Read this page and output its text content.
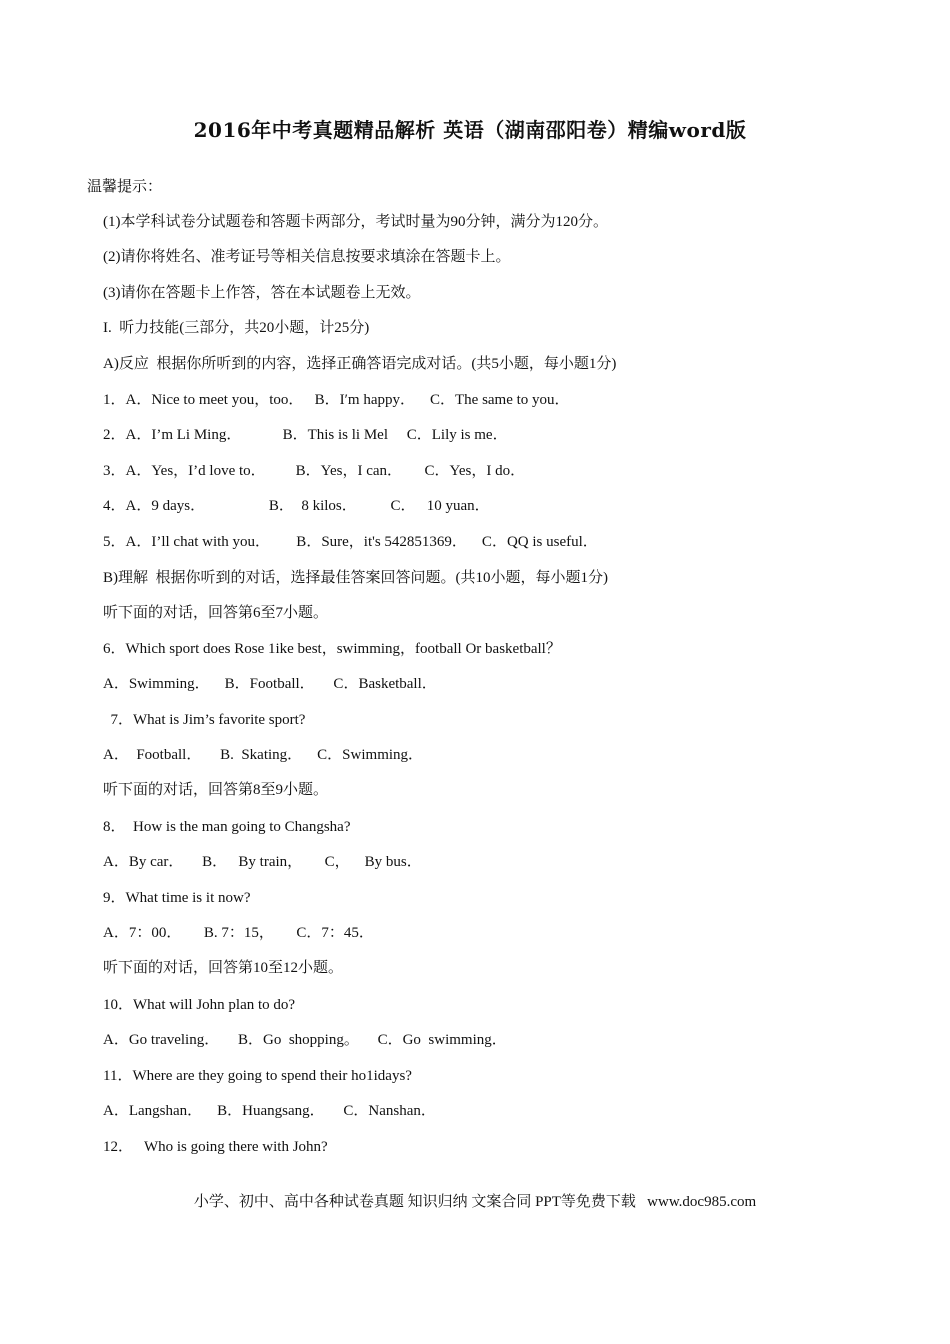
2016年中考真题精品解析 英语（湖南邵阳卷）精编word版
温馨提示：
(1)本学科试卷分试题卷和答题卡两部分，考试时量为90分钟，满分为120分。
(2)请你将姓名、准考证号等相关信息按要求填涂在答题卡上。
(3)请你在答题卡上作答，答在本试题卷上无效。
I.  听力技能(三部分，共20小题，计25分)
A)反应  根据你所听到的内容，选择正确答语完成对话。(共5小题，每小题1分)
1．A．Nice to meet you，too．   B．I′m happy．    C．The same to you．
2．A．I’m Li Ming．           B．This is li Mel     C．Lily is me．
3．A．Yes，I’d love to．        B．Yes，I can．      C．Yes，I do．
4．A．9 days．                 B．  8 kilos．         C．   10 yuan．
5．A．I’ll chat with you．       B．Sure，it's 542851369．    C．QQ is useful．
B)理解  根据你听到的对话，选择最佳答案回答问题。(共10小题，每小题1分)
听下面的对话，回答第6至7小题。
6．Which sport does Rose 1ike best，swimming，football Or basketball？
A．Swimming．    B．Football．     C．Basketball．
7．What is Jim’s favorite sport?
A．  Football．     B.  Skating．    C．Swimming．
听下面的对话，回答第8至9小题。
8．  How is the man going to Changsha?
A．By car．     B．   By train，      C，    By bus．
9．What time is it now?
A．7：00．      B. 7：15，      C．7：45．
听下面的对话，回答第10至12小题。
10．What will John plan to do?
A．Go traveling．     B．Go  shopping。     C．Go  swimming．
11．Where are they going to spend their ho1idays?
A．Langshan．    B．Huangsang．     C．Nanshan．
12．   Who is going there with John?
小学、初中、高中各种试卷真题 知识归纳 文案合同 PPT等免费下载   www.doc985.com
